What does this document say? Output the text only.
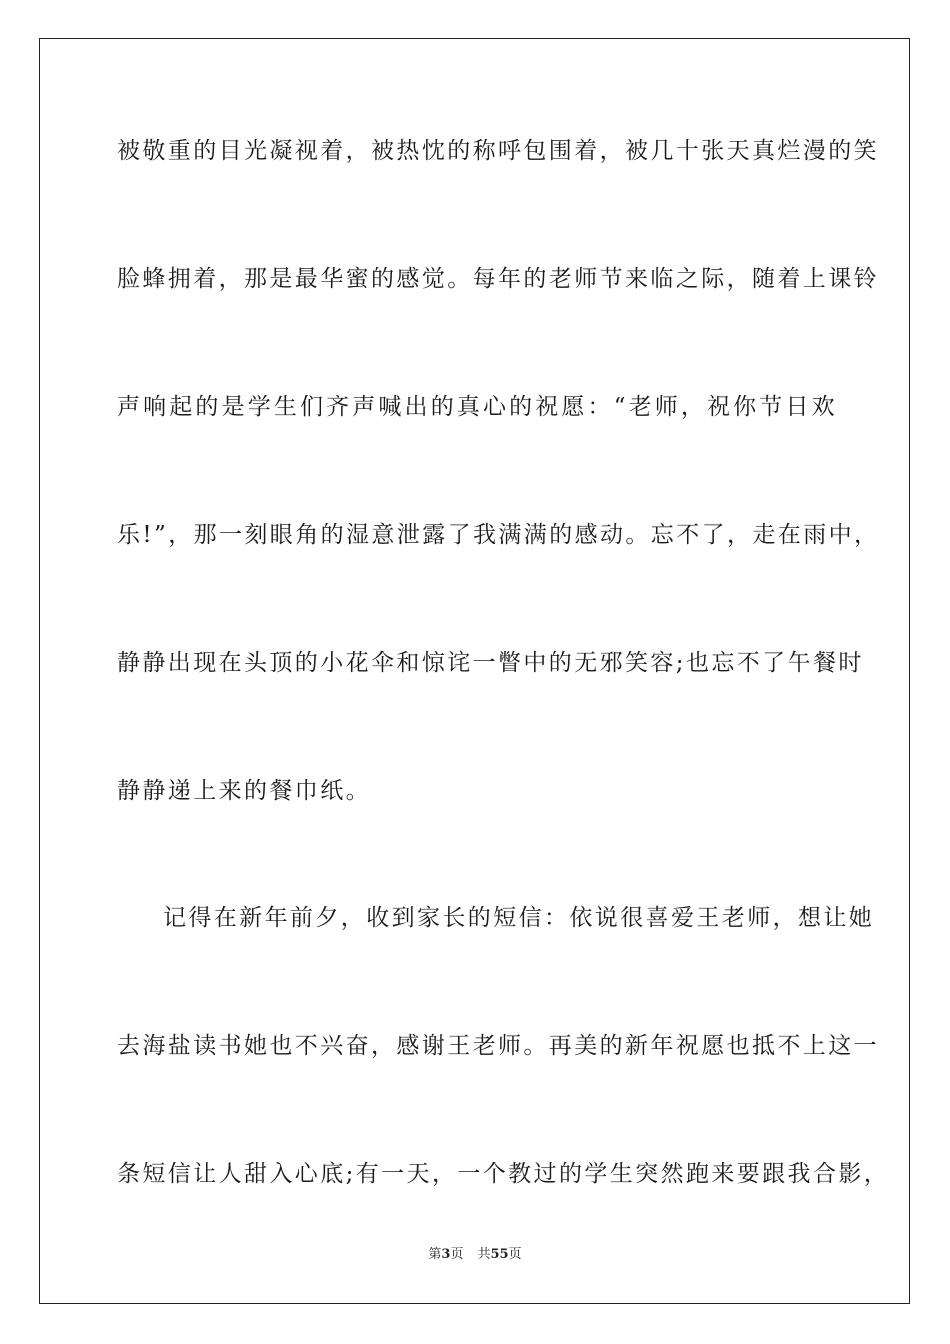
被敬重的目光凝视着，被热忱的称呼包围着，被几十张天真烂漫的笑
脸蜂拥着，那是最华蜜的感觉。每年的老师节来临之际，随着上课铃
声响起的是学生们齐声喊出的真心的祝愿：“老师，祝你节日欢
乐!”，那一刻眼角的湿意泄露了我满满的感动。忘不了，走在雨中，
静静出现在头顶的小花伞和惊诧一瞥中的无邪笑容;也忘不了午餐时
静静递上来的餐巾纸。
记得在新年前夕，收到家长的短信：依说很喜爱王老师，想让她
去海盐读书她也不兴奋，感谢王老师。再美的新年祝愿也抵不上这一
条短信让人甜入心底;有一天，一个教过的学生突然跑来要跟我合影，
第3页 共55页
